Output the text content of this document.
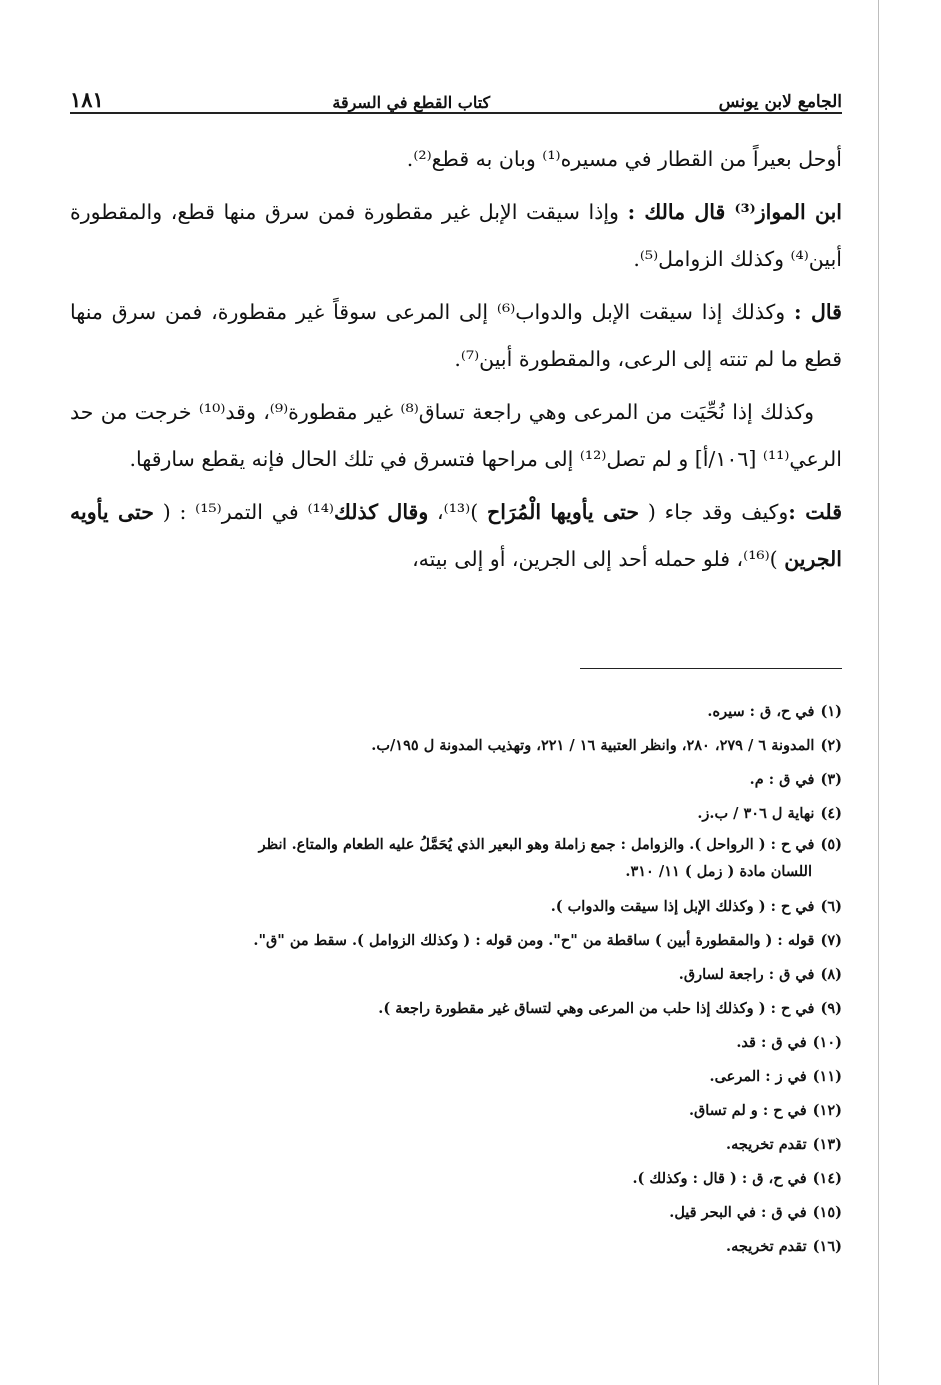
الجامع لابن يونس
كتاب القطع في السرقة
١٨١

أوحل بعيراً من القطار في مسيره⁽¹⁾ وبان به قطع⁽²⁾.

ابن المواز⁽³⁾ قال مالك : وإذا سيقت الإبل غير مقطورة فمن سرق منها قطع، والمقطورة أبين⁽⁴⁾ وكذلك الزوامل⁽⁵⁾.

قال : وكذلك إذا سيقت الإبل والدواب⁽⁶⁾ إلى المرعى سوقاً غير مقطورة، فمن سرق منها قطع ما لم تنته إلى الرعى، والمقطورة أبين⁽⁷⁾.

وكذلك إذا نُحِّيَت من المرعى وهي راجعة تساق⁽⁸⁾ غير مقطورة⁽⁹⁾، وقد⁽¹⁰⁾ خرجت من حد الرعي⁽¹¹⁾ [١٠٦/أ] و لم تصل⁽¹²⁾ إلى مراحها فتسرق في تلك الحال فإنه يقطع سارقها.

قلت :وكيف وقد جاء ( حتى يأويها الْمُرَاح )⁽¹³⁾، وقال كذلك⁽¹⁴⁾ في التمر⁽¹⁵⁾ : ( حتى يأويه الجرين )⁽¹⁶⁾، فلو حمله أحد إلى الجرين، أو إلى بيته،

(١)في ح، ق : سيره.

(٢)المدونة ٦ / ٢٧٩، ٢٨٠، وانظر العتبية ١٦ / ٢٢١، وتهذيب المدونة ل ١٩٥/ب.

(٣)في ق : م.

(٤)نهاية ل ٣٠٦ / ب.ز.

(٥)في ح : ( الرواحل ). والزوامل : جمع زاملة وهو البعير الذي يُحَمَّلُ عليه الطعام والمتاع. انظر
اللسان مادة ( زمل ) ١١/ ٣١٠.

(٦)في ح : ( وكذلك الإبل إذا سيقت والدواب ).

(٧)قوله : ( والمقطورة أبين ) ساقطة من "ح". ومن قوله : ( وكذلك الزوامل ). سقط من "ق".

(٨)في ق : راجعة لسارق.

(٩)في ح : ( وكذلك إذا حلب من المرعى وهي لتساق غير مقطورة راجعة ).

(١٠)في ق : قد.

(١١)في ز : المرعى.

(١٢)في ح : و لم تساق.

(١٣)تقدم تخريجه.

(١٤)في ح، ق : ( قال : وكذلك ).

(١٥)في ق : في البحر قيل.

(١٦)تقدم تخريجه.
